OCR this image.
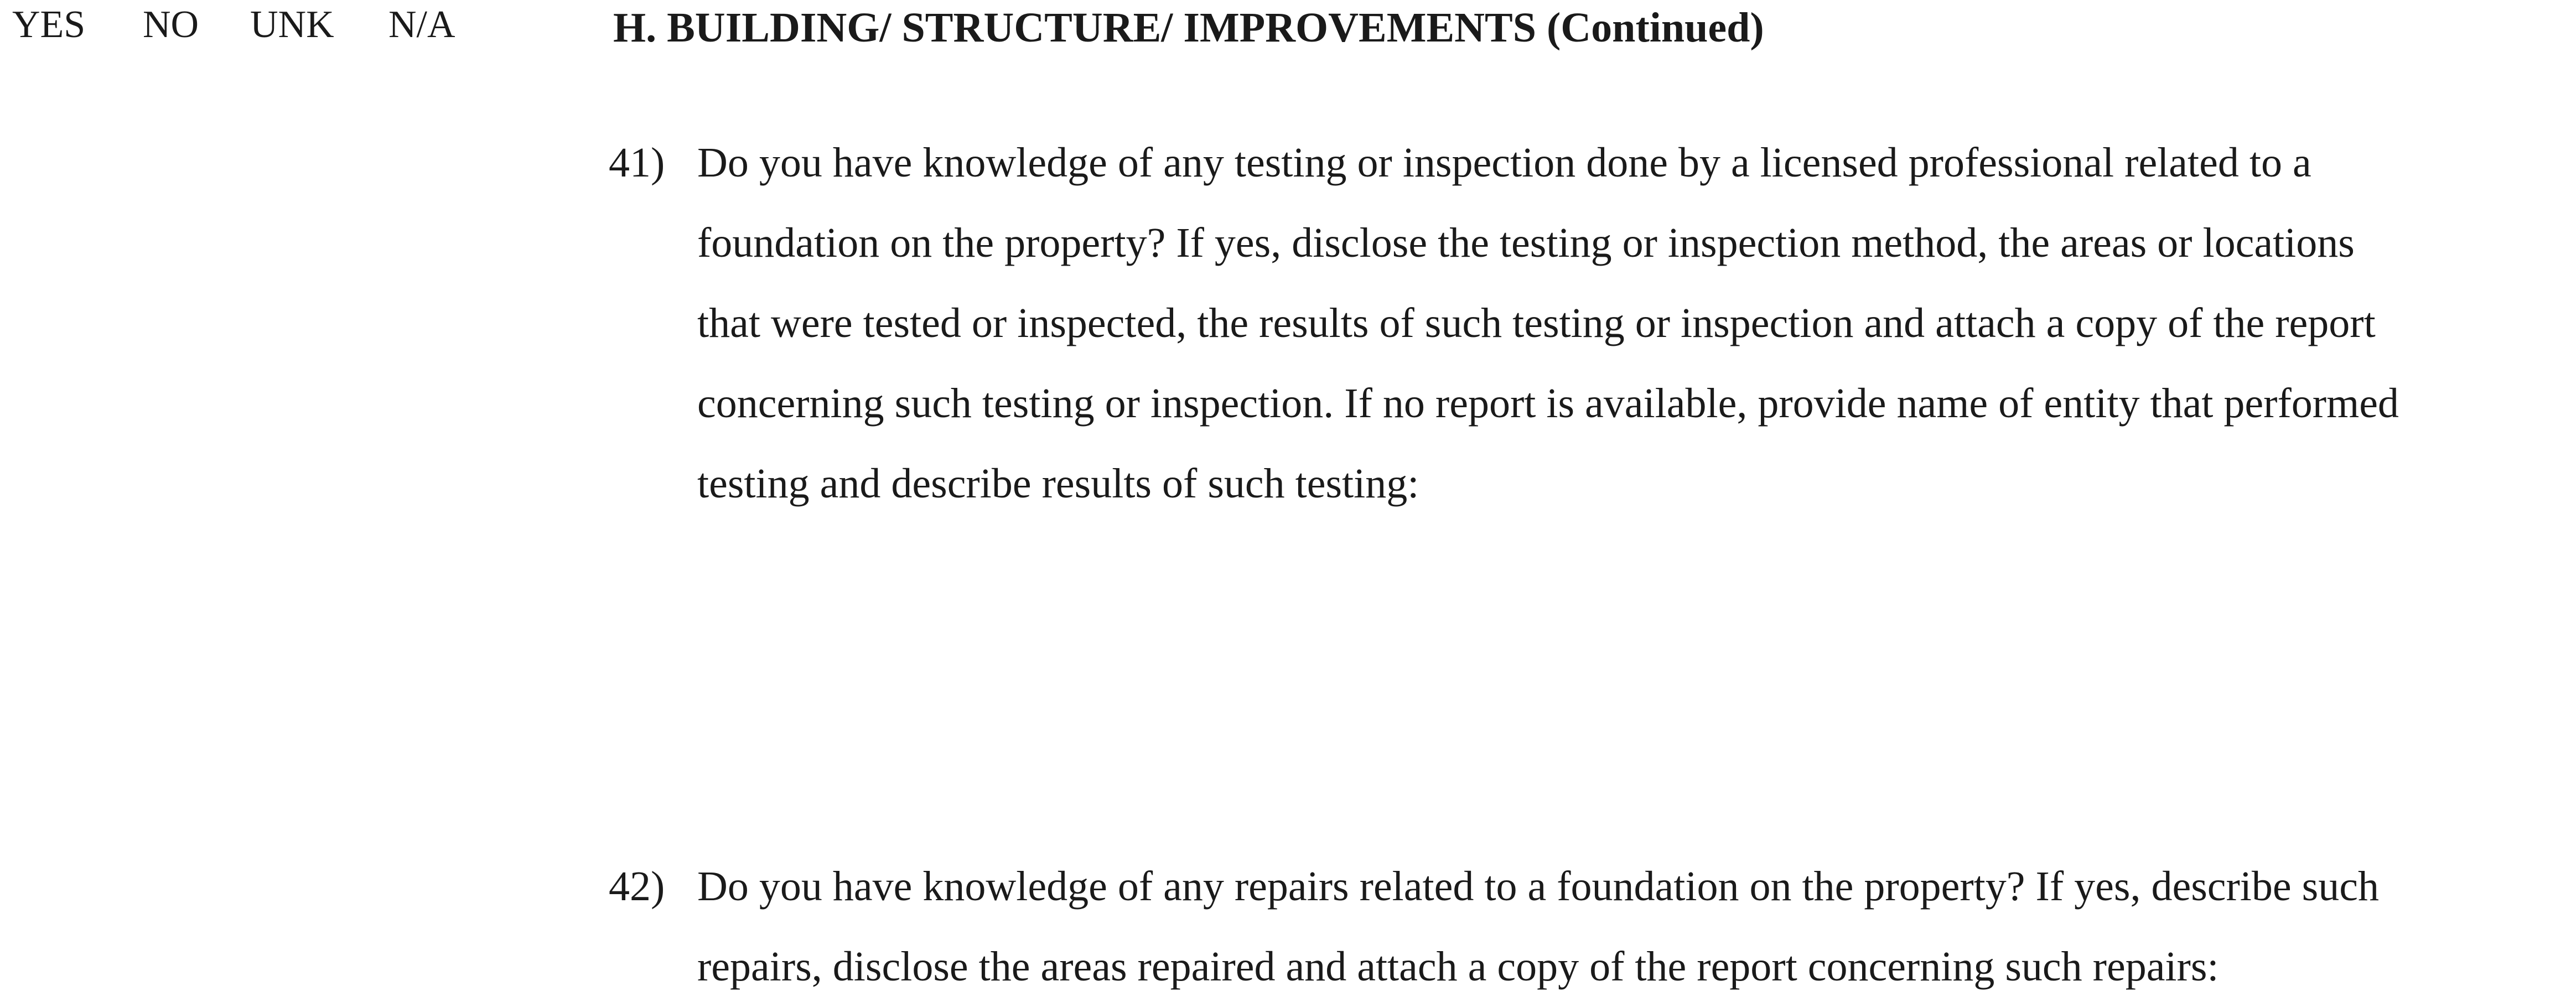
YES NO UNK N/A	H. BUILDING/ STRUCTURE/ IMPROVEMENTS (Continued)
41) Do you have knowledge of any testing or inspection done by a licensed professional related to a
foundation on the property? If yes, disclose the testing or inspection method, the areas or locations
that were tested or inspected, the results of such testing or inspection and attach a copy of the report
concerning such testing or inspection. If no report is available, provide name of entity that performed
testing and describe results of such testing:
42) Do you have knowledge of any repairs related to a foundation on the property? If yes, describe such
repairs, disclose the areas repaired and attach a copy of the report concerning such repairs:
